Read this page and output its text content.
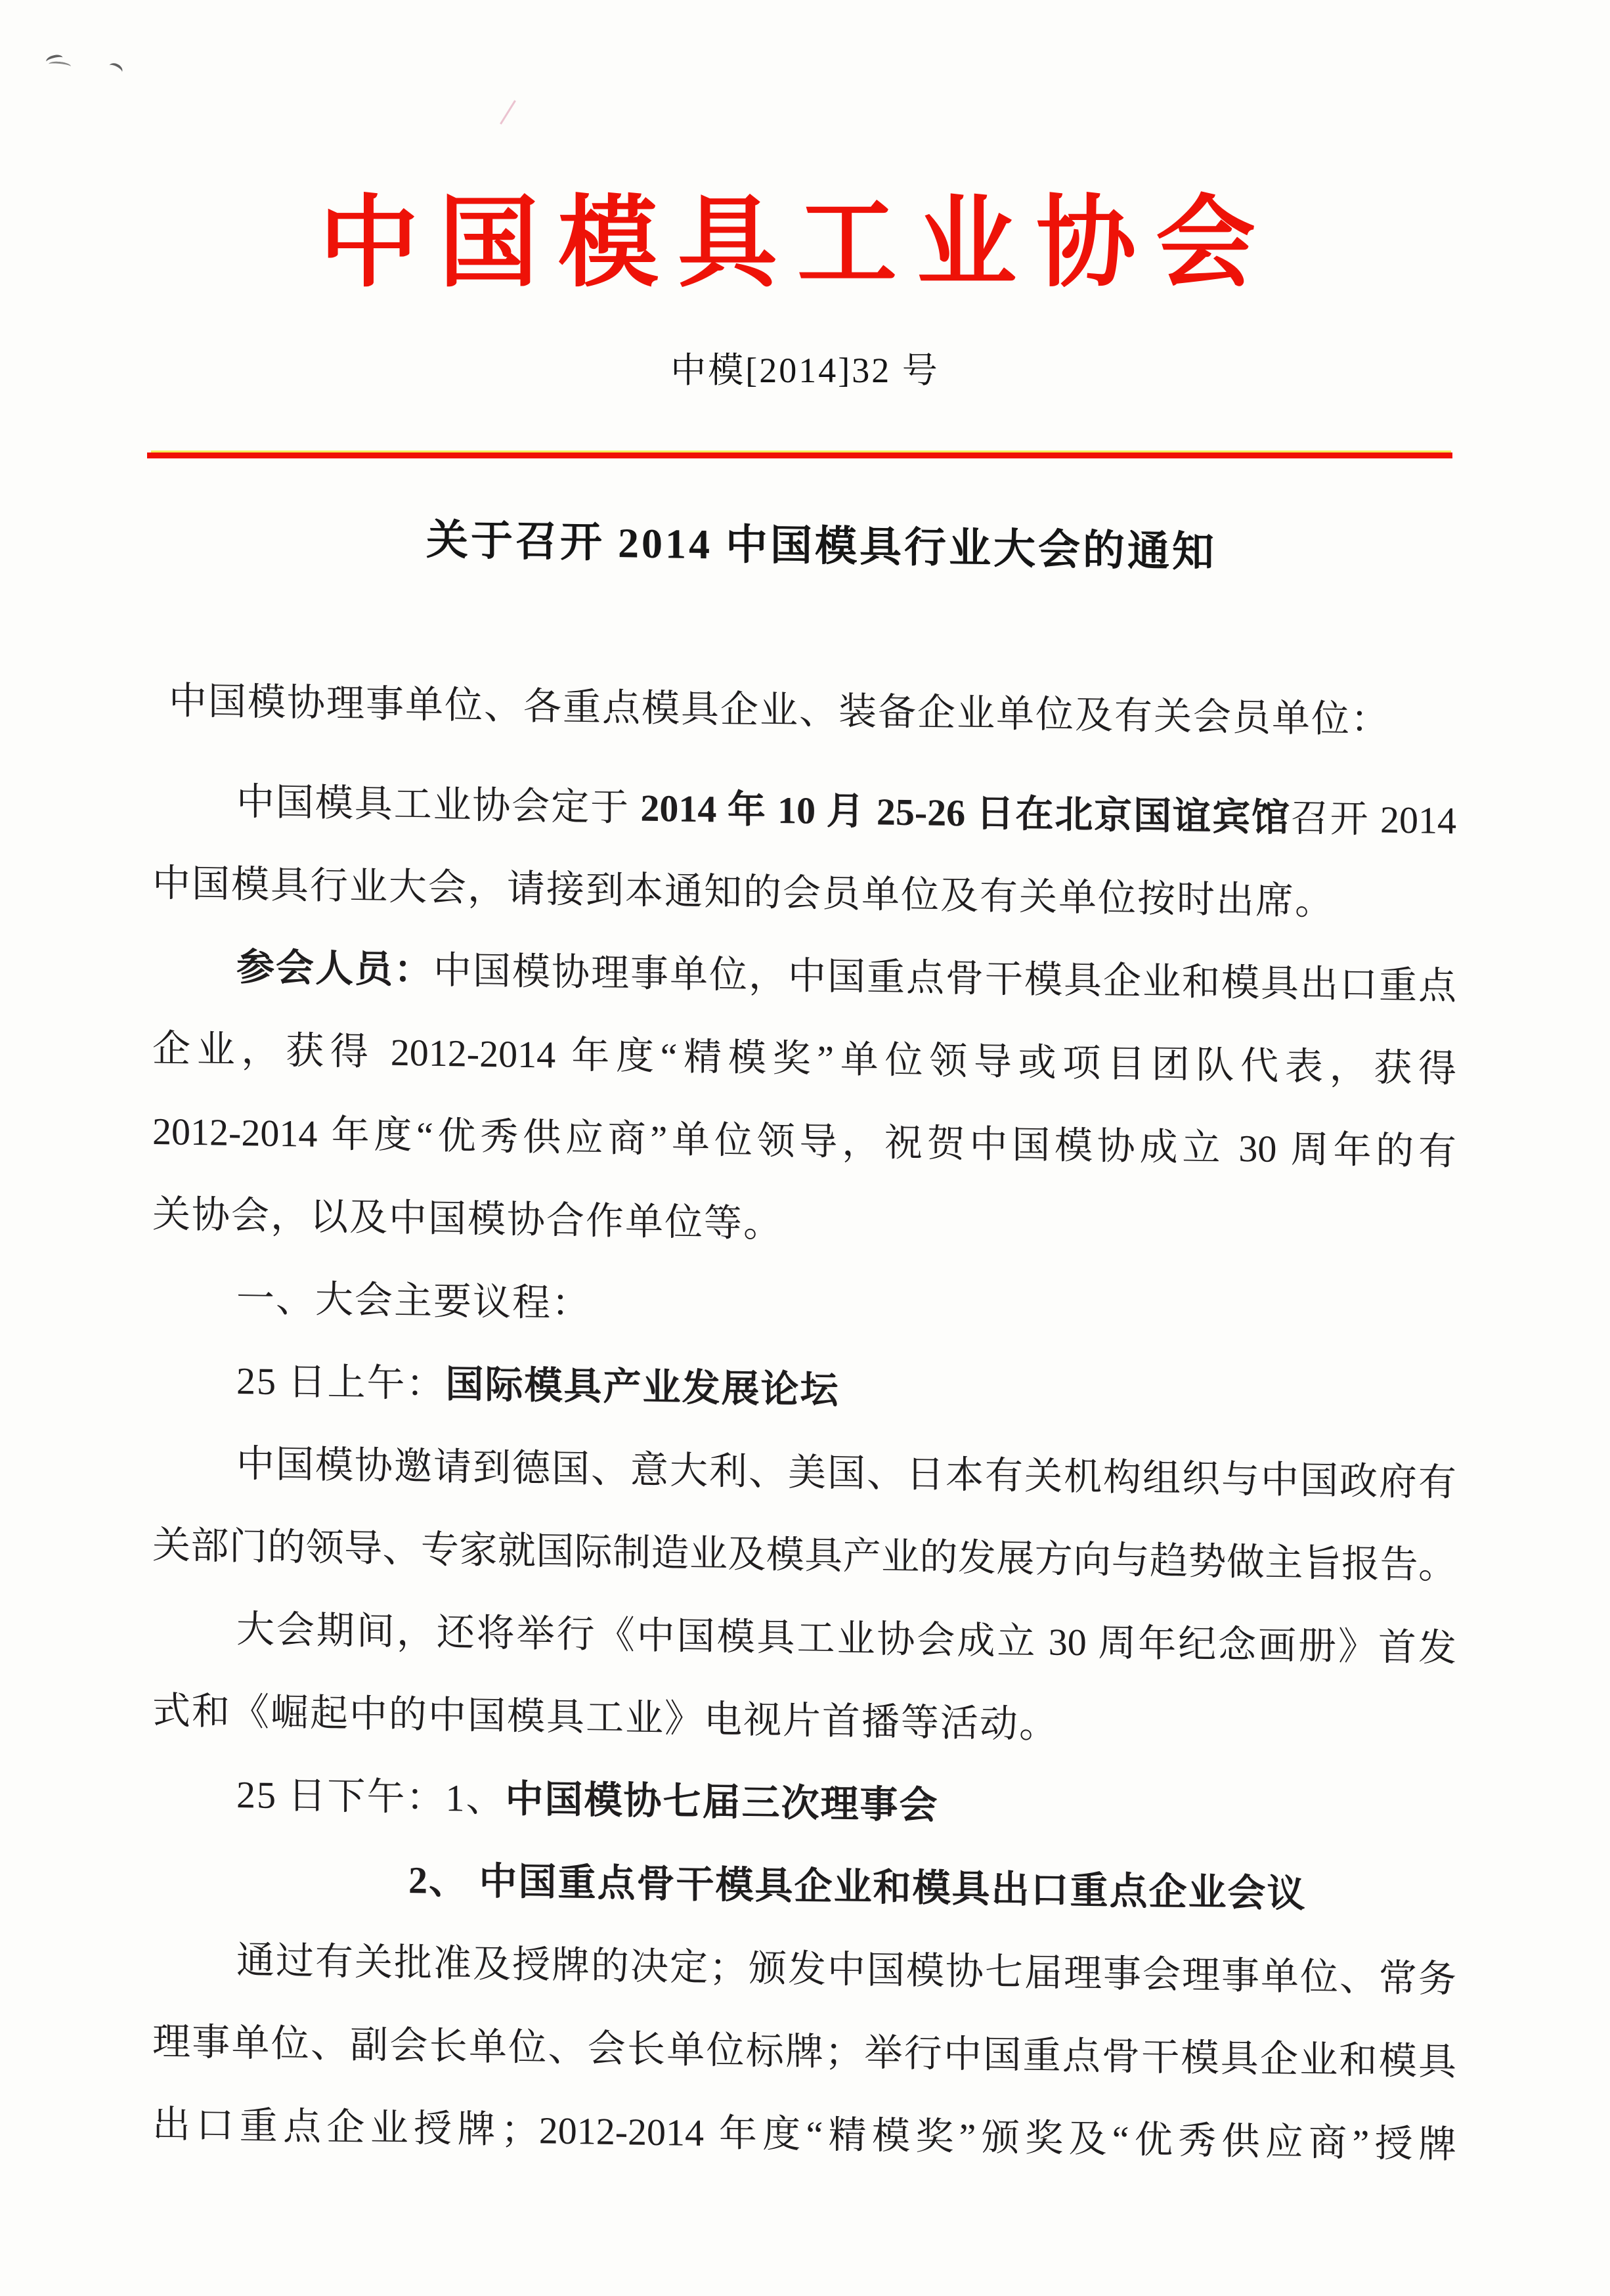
中国模具工业协会
中模[2014]32 号
关于召开 2014 中国模具行业大会的通知
中国模协理事单位、各重点模具企业、装备企业单位及有关会员单位：
中国模具工业协会定于 2014 年 10 月 25-26 日在北京国谊宾馆召开 2014
中国模具行业大会，请接到本通知的会员单位及有关单位按时出席。
参会人员：中国模协理事单位，中国重点骨干模具企业和模具出口重点
企业，获得 2012-2014 年度“精模奖”单位领导或项目团队代表，获得
2012-2014 年度“优秀供应商”单位领导，祝贺中国模协成立 30 周年的有
关协会，以及中国模协合作单位等。
一、大会主要议程：
25 日上午：国际模具产业发展论坛
中国模协邀请到德国、意大利、美国、日本有关机构组织与中国政府有
关部门的领导、专家就国际制造业及模具产业的发展方向与趋势做主旨报告。
大会期间，还将举行《中国模具工业协会成立 30 周年纪念画册》首发
式和《崛起中的中国模具工业》电视片首播等活动。
25 日下午：1、中国模协七届三次理事会
2、 中国重点骨干模具企业和模具出口重点企业会议
通过有关批准及授牌的决定；颁发中国模协七届理事会理事单位、常务
理事单位、副会长单位、会长单位标牌；举行中国重点骨干模具企业和模具
出口重点企业授牌；2012-2014 年度“精模奖”颁奖及“优秀供应商”授牌
